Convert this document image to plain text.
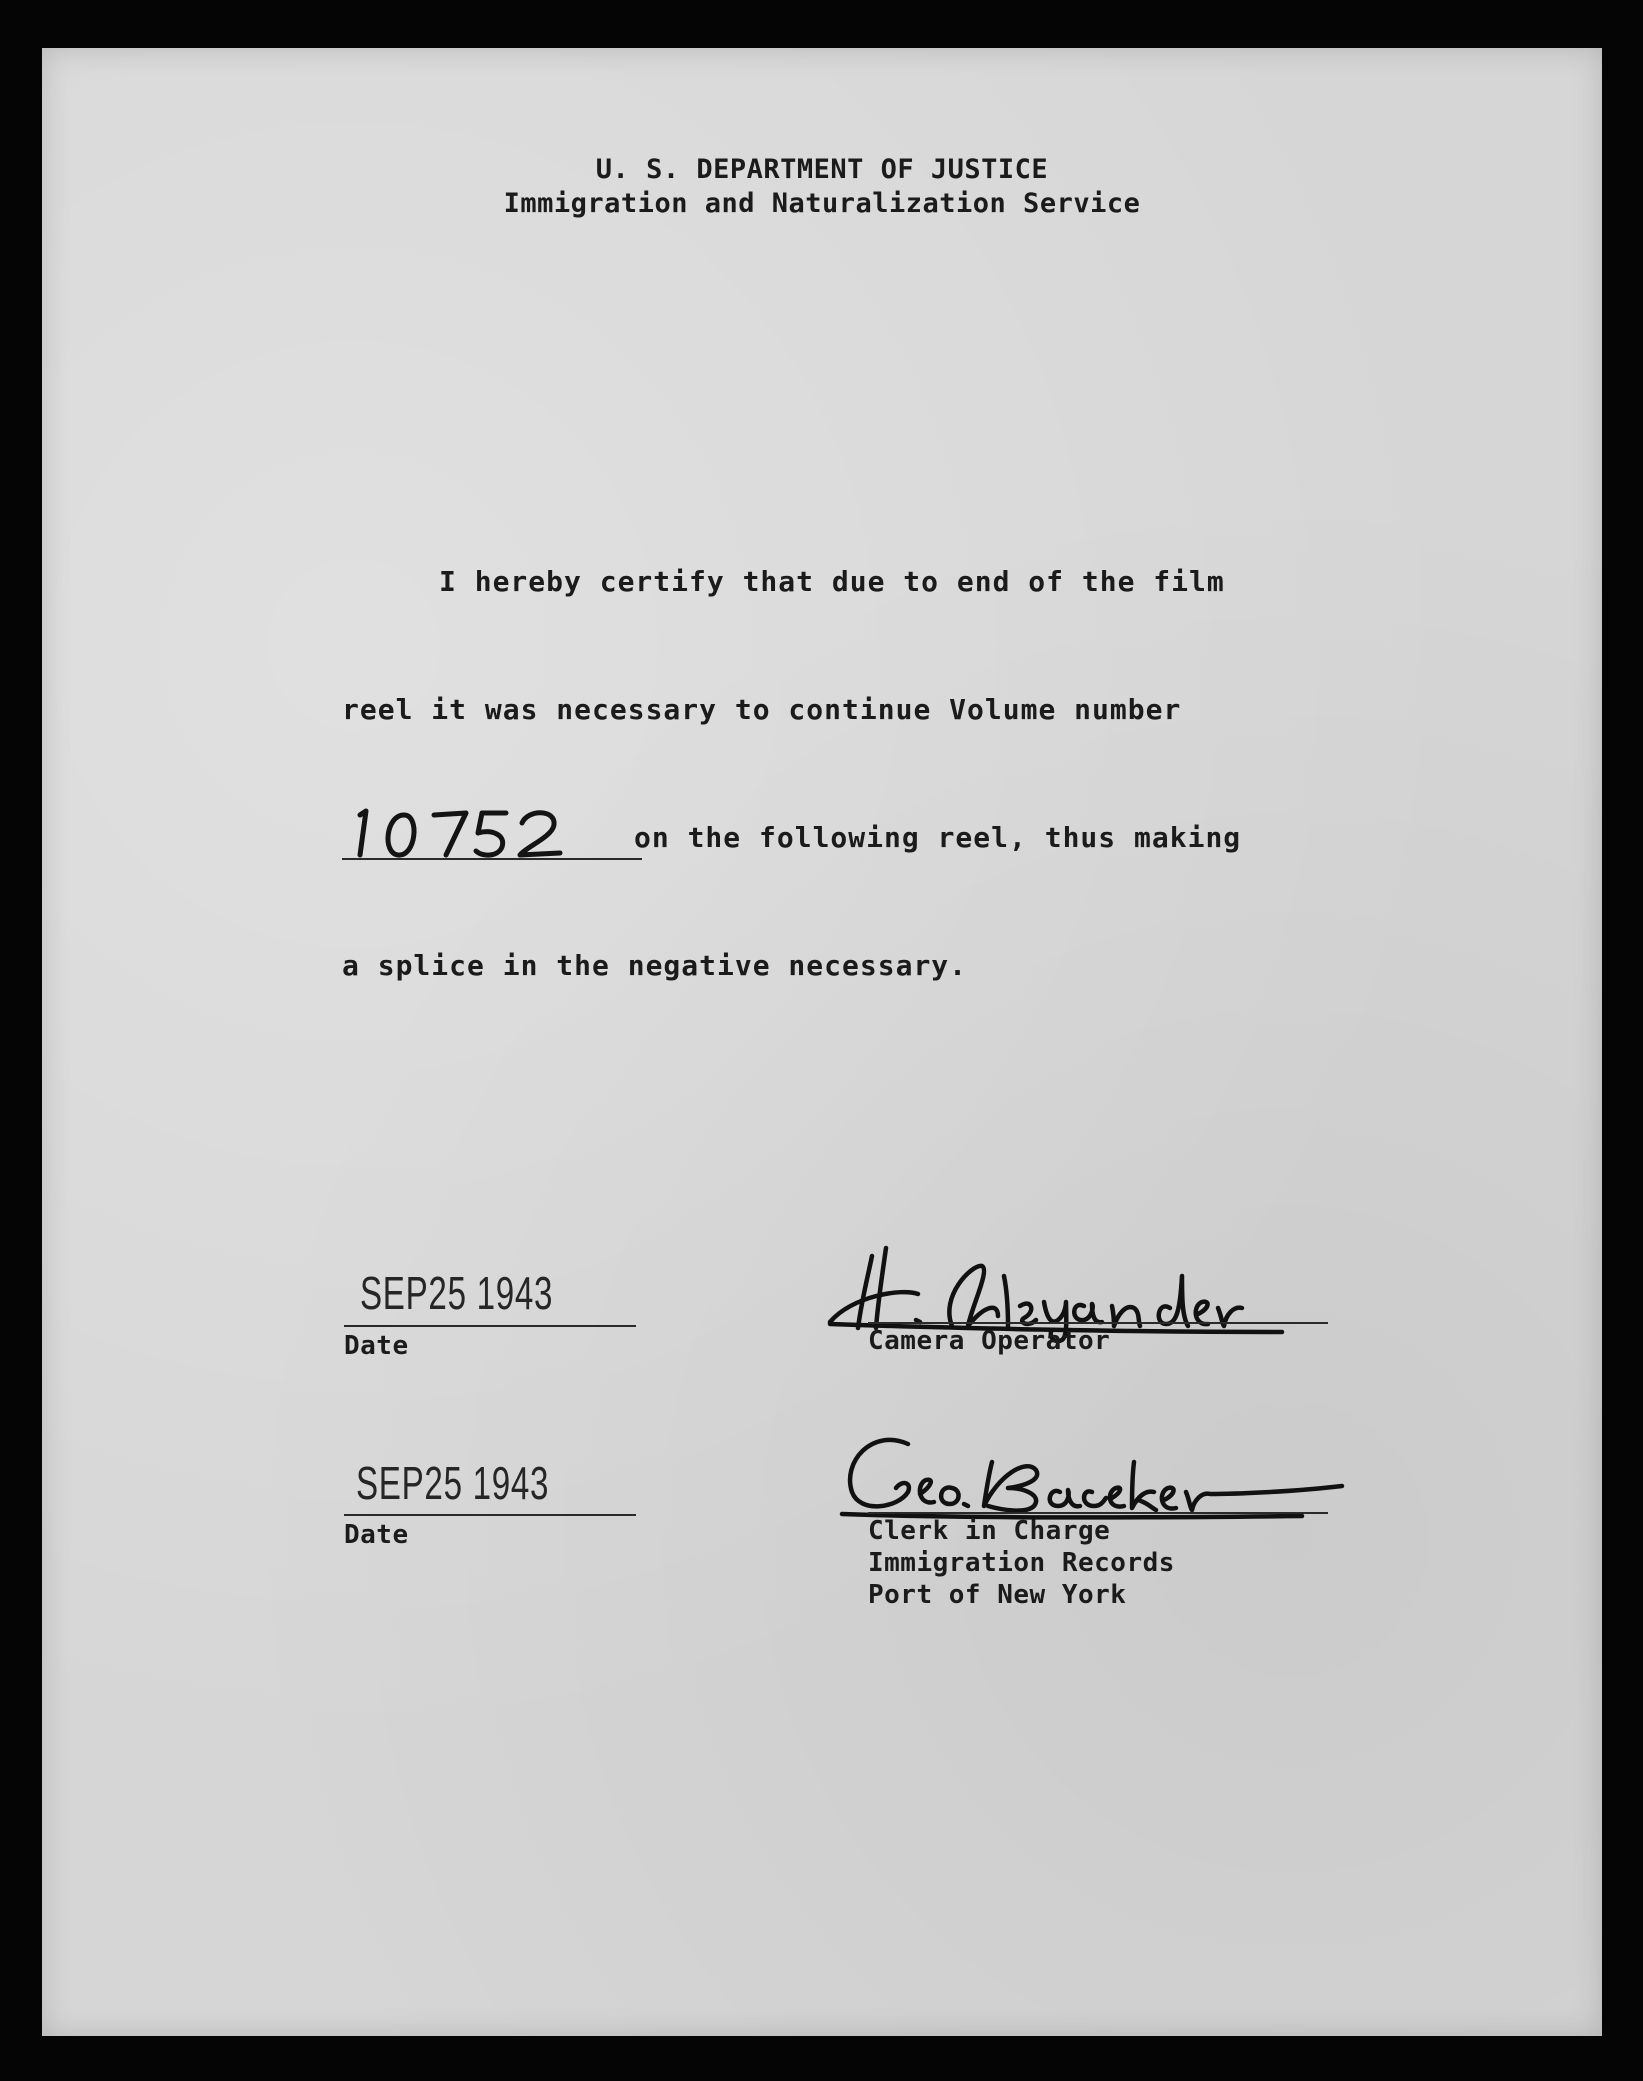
U. S. DEPARTMENT OF JUSTICE
Immigration and Naturalization Service
I hereby certify that due to end of the film
reel it was necessary to continue Volume number
on the following reel, thus making
a splice in the negative necessary.
SEP25 1943
Date	Camera Operator
SEP25 1943
Date	Clerk in Charge
Immigration Records
Port of New York
